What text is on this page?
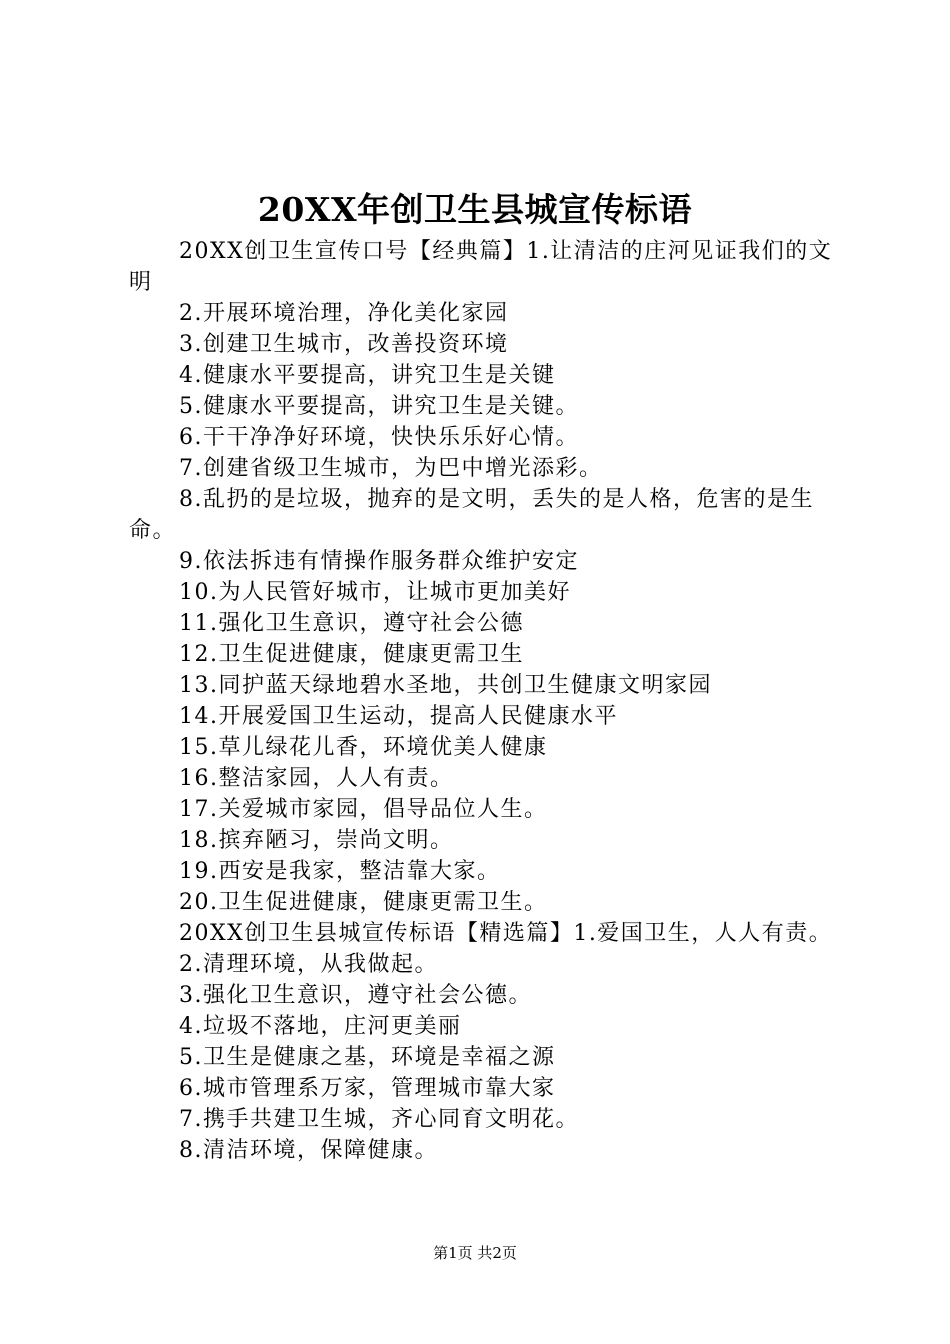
20XX年创卫生县城宣传标语

20XX创卫生宣传口号【经典篇】1.让清洁的庄河见证我们的文明

2.开展环境治理，净化美化家园

3.创建卫生城市，改善投资环境

4.健康水平要提高，讲究卫生是关键

5.健康水平要提高，讲究卫生是关键。

6.干干净净好环境，快快乐乐好心情。

7.创建省级卫生城市，为巴中增光添彩。

8.乱扔的是垃圾，抛弃的是文明，丢失的是人格，危害的是生命。

9.依法拆违有情操作服务群众维护安定

10.为人民管好城市，让城市更加美好

11.强化卫生意识，遵守社会公德

12.卫生促进健康，健康更需卫生

13.同护蓝天绿地碧水圣地，共创卫生健康文明家园

14.开展爱国卫生运动，提高人民健康水平

15.草儿绿花儿香，环境优美人健康

16.整洁家园，人人有责。

17.关爱城市家园，倡导品位人生。

18.摈弃陋习，崇尚文明。

19.西安是我家，整洁靠大家。

20.卫生促进健康，健康更需卫生。

20XX创卫生县城宣传标语【精选篇】1.爱国卫生，人人有责。

2.清理环境，从我做起。

3.强化卫生意识，遵守社会公德。

4.垃圾不落地，庄河更美丽

5.卫生是健康之基，环境是幸福之源

6.城市管理系万家，管理城市靠大家

7.携手共建卫生城，齐心同育文明花。

8.清洁环境，保障健康。

第1页 共2页
